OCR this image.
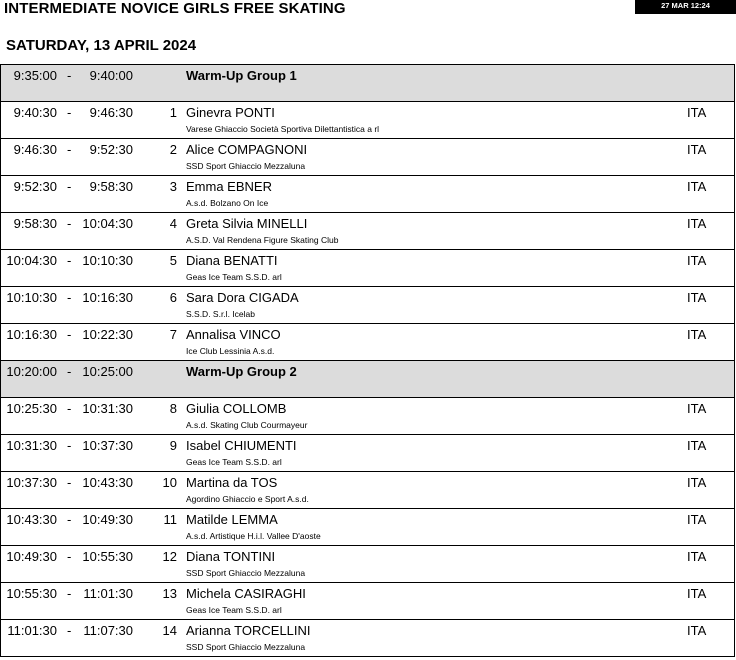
INTERMEDIATE NOVICE GIRLS FREE SKATING	27 MAR 12:24
SATURDAY, 13 APRIL 2024
9:35:00 -	9:40:00	Warm-Up Group 1
9:40:30 -	9:46:30	1 Ginevra PONTI
Varese Ghiaccio Società Sportiva Dilettantistica a rl
ITA
9:46:30 -	9:52:30	2 Alice COMPAGNONI
SSD Sport Ghiaccio Mezzaluna
ITA
9:52:30 -	9:58:30	3 Emma EBNER
A.s.d. Bolzano On Ice
ITA
9:58:30 - 10:04:30	4 Greta Silvia MINELLI
A.S.D. Val Rendena Figure Skating Club
ITA
10:04:30 - 10:10:30	5 Diana BENATTI
Geas Ice Team S.S.D. arl
ITA
10:10:30 - 10:16:30	6 Sara Dora CIGADA
S.S.D. S.r.l. Icelab
ITA
10:16:30 - 10:22:30	7 Annalisa VINCO
Ice Club Lessinia A.s.d.
ITA
10:20:00 - 10:25:00	Warm-Up Group 2
10:25:30 - 10:31:30	8 Giulia COLLOMB
A.s.d. Skating Club Courmayeur
ITA
10:31:30 - 10:37:30	9 Isabel CHIUMENTI
Geas Ice Team S.S.D. arl
ITA
10:37:30 - 10:43:30	10 Martina da TOS
Agordino Ghiaccio e Sport A.s.d.
ITA
10:43:30 - 10:49:30	11 Matilde LEMMA
A.s.d. Artistique H.i.l. Vallee D'aoste
ITA
10:49:30 - 10:55:30	12 Diana TONTINI
SSD Sport Ghiaccio Mezzaluna
ITA
10:55:30 - 11:01:30	13 Michela CASIRAGHI
Geas Ice Team S.S.D. arl
ITA
11:01:30 - 11:07:30	14 Arianna TORCELLINI
SSD Sport Ghiaccio Mezzaluna
ITA
